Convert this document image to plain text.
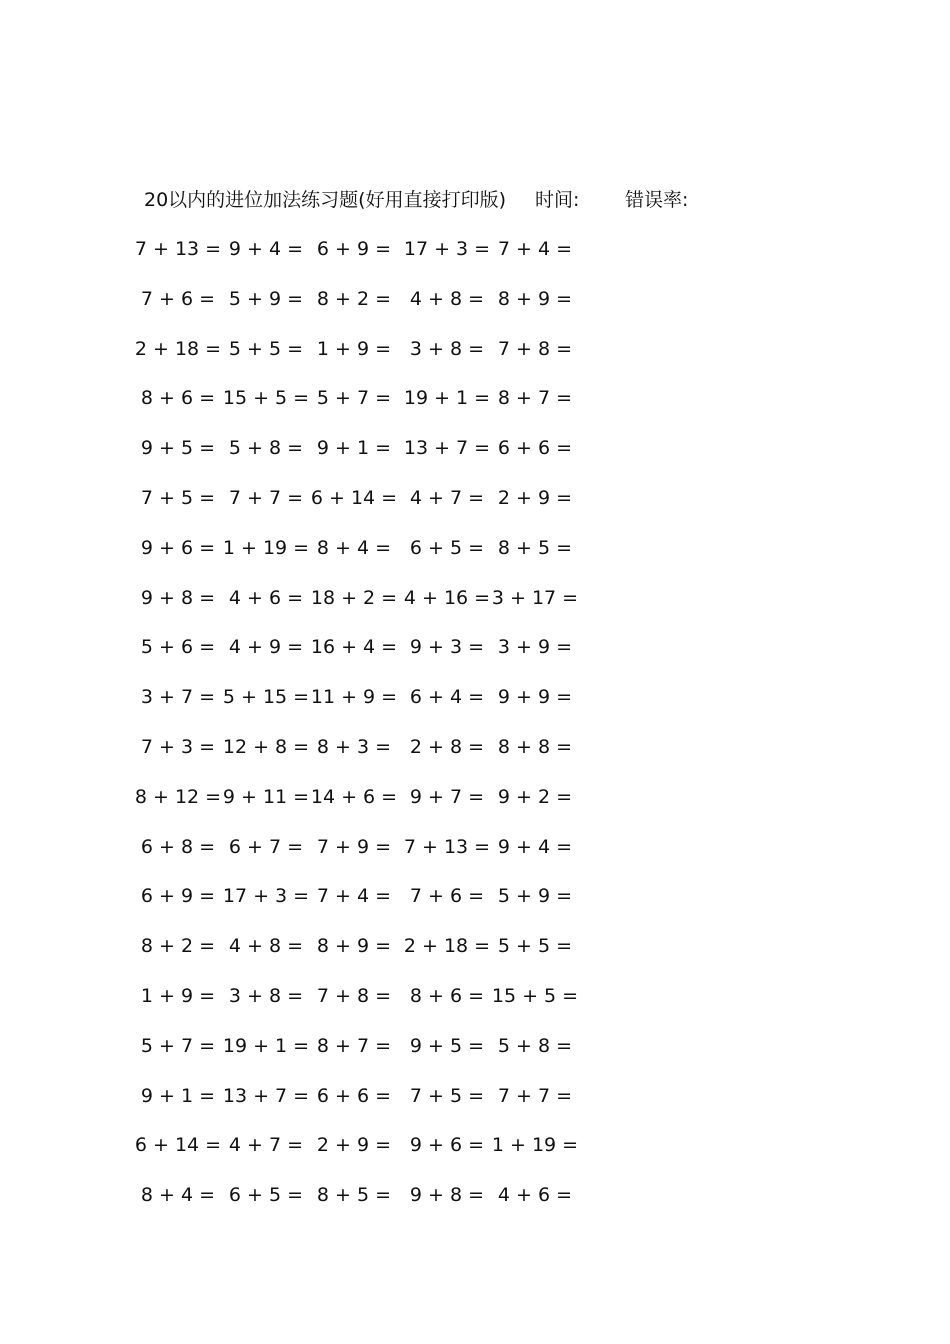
20以内的进位加法练习题(好用直接打印版) 时间: 错误率:
7 + 13 = 9 + 4 = 6 + 9 = 17 + 3 = 7 + 4 =
7 + 6 = 5 + 9 = 8 + 2 = 4 + 8 = 8 + 9 =
2 + 18 = 5 + 5 = 1 + 9 = 3 + 8 = 7 + 8 =
8 + 6 = 15 + 5 = 5 + 7 = 19 + 1 = 8 + 7 =
9 + 5 = 5 + 8 = 9 + 1 = 13 + 7 = 6 + 6 =
7 + 5 = 7 + 7 = 6 + 14 = 4 + 7 = 2 + 9 =
9 + 6 = 1 + 19 = 8 + 4 = 6 + 5 = 8 + 5 =
9 + 8 = 4 + 6 = 18 + 2 = 4 + 16 = 3 + 17 =
5 + 6 = 4 + 9 = 16 + 4 = 9 + 3 = 3 + 9 =
3 + 7 = 5 + 15 = 11 + 9 = 6 + 4 = 9 + 9 =
7 + 3 = 12 + 8 = 8 + 3 = 2 + 8 = 8 + 8 =
8 + 12 = 9 + 11 = 14 + 6 = 9 + 7 = 9 + 2 =
6 + 8 = 6 + 7 = 7 + 9 = 7 + 13 = 9 + 4 =
6 + 9 = 17 + 3 = 7 + 4 = 7 + 6 = 5 + 9 =
8 + 2 = 4 + 8 = 8 + 9 = 2 + 18 = 5 + 5 =
1 + 9 = 3 + 8 = 7 + 8 = 8 + 6 = 15 + 5 =
5 + 7 = 19 + 1 = 8 + 7 = 9 + 5 = 5 + 8 =
9 + 1 = 13 + 7 = 6 + 6 = 7 + 5 = 7 + 7 =
6 + 14 = 4 + 7 = 2 + 9 = 9 + 6 = 1 + 19 =
8 + 4 = 6 + 5 = 8 + 5 = 9 + 8 = 4 + 6 =
